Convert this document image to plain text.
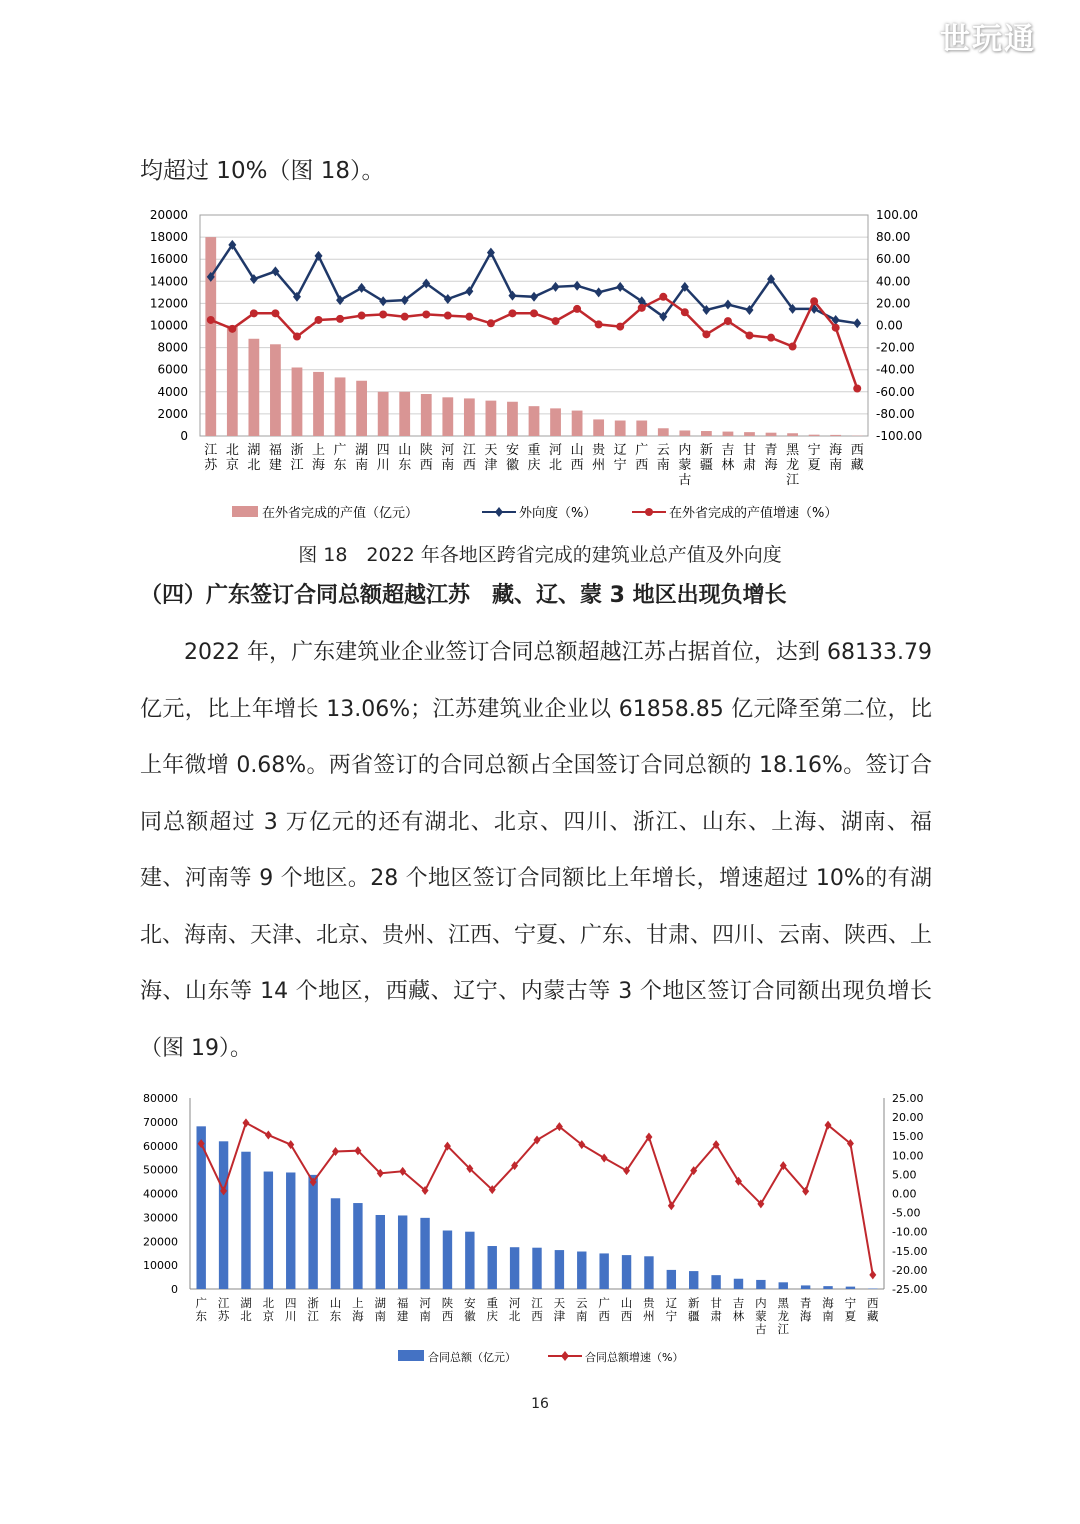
世玩通
均超过 10%（图 18）。
0
2000
4000
6000
8000
10000
12000
14000
16000
18000
20000
-100.00
-80.00
-60.00
-40.00
-20.00
0.00
20.00
40.00
60.00
80.00
100.00
江
苏
北
京
湖
北
福
建
浙
江
上
海
广
东
湖
南
四
川
山
东
陕
西
河
南
江
西
天
津
安
徽
重
庆
河
北
山
西
贵
州
辽
宁
广
西
云
南
内
蒙
古
新
疆
吉
林
甘
肃
青
海
黑
龙
江
宁
夏
海
南
西
藏
在外省完成的产值（亿元）	外向度（%）	在外省完成的产值增速（%）
图 18　2022 年各地区跨省完成的建筑业总产值及外向度
（四）广东签订合同总额超越江苏　藏、辽、蒙 3 地区出现负增长
2022 年，广东建筑业企业签订合同总额超越江苏占据首位，达到 68133.79 亿元，比上年增长 13.06%；江苏建筑业企业以 61858.85 亿元降至第二位，比上年微增 0.68%。两省签订的合同总额占全国签订合同总额的 18.16%。签订合同总额超过 3 万亿元的还有湖北、北京、四川、浙江、山东、上海、湖南、福建、河南等 9 个地区。28 个地区签订合同额比上年增长，增速超过 10%的有湖北、海南、天津、北京、贵州、江西、宁夏、广东、甘肃、四川、云南、陕西、上海、山东等 14 个地区，西藏、辽宁、内蒙古等 3 个地区签订合同额出现负增长（图 19）。
0
10000
20000
30000
40000
50000
60000
70000
80000
-25.00
-20.00
-15.00
-10.00
-5.00
0.00
5.00
10.00
15.00
20.00
25.00
广
东
江
苏
湖
北
北
京
四
川
浙
江
山
东
上
海
湖
南
福
建
河
南
陕
西
安
徽
重
庆
河
北
江
西
天
津
云
南
广
西
山
西
贵
州
辽
宁
新
疆
甘
肃
吉
林
内
蒙
古
黑
龙
江
青
海
海
南
宁
夏
西
藏
合同总额（亿元）	合同总额增速（%）
16
